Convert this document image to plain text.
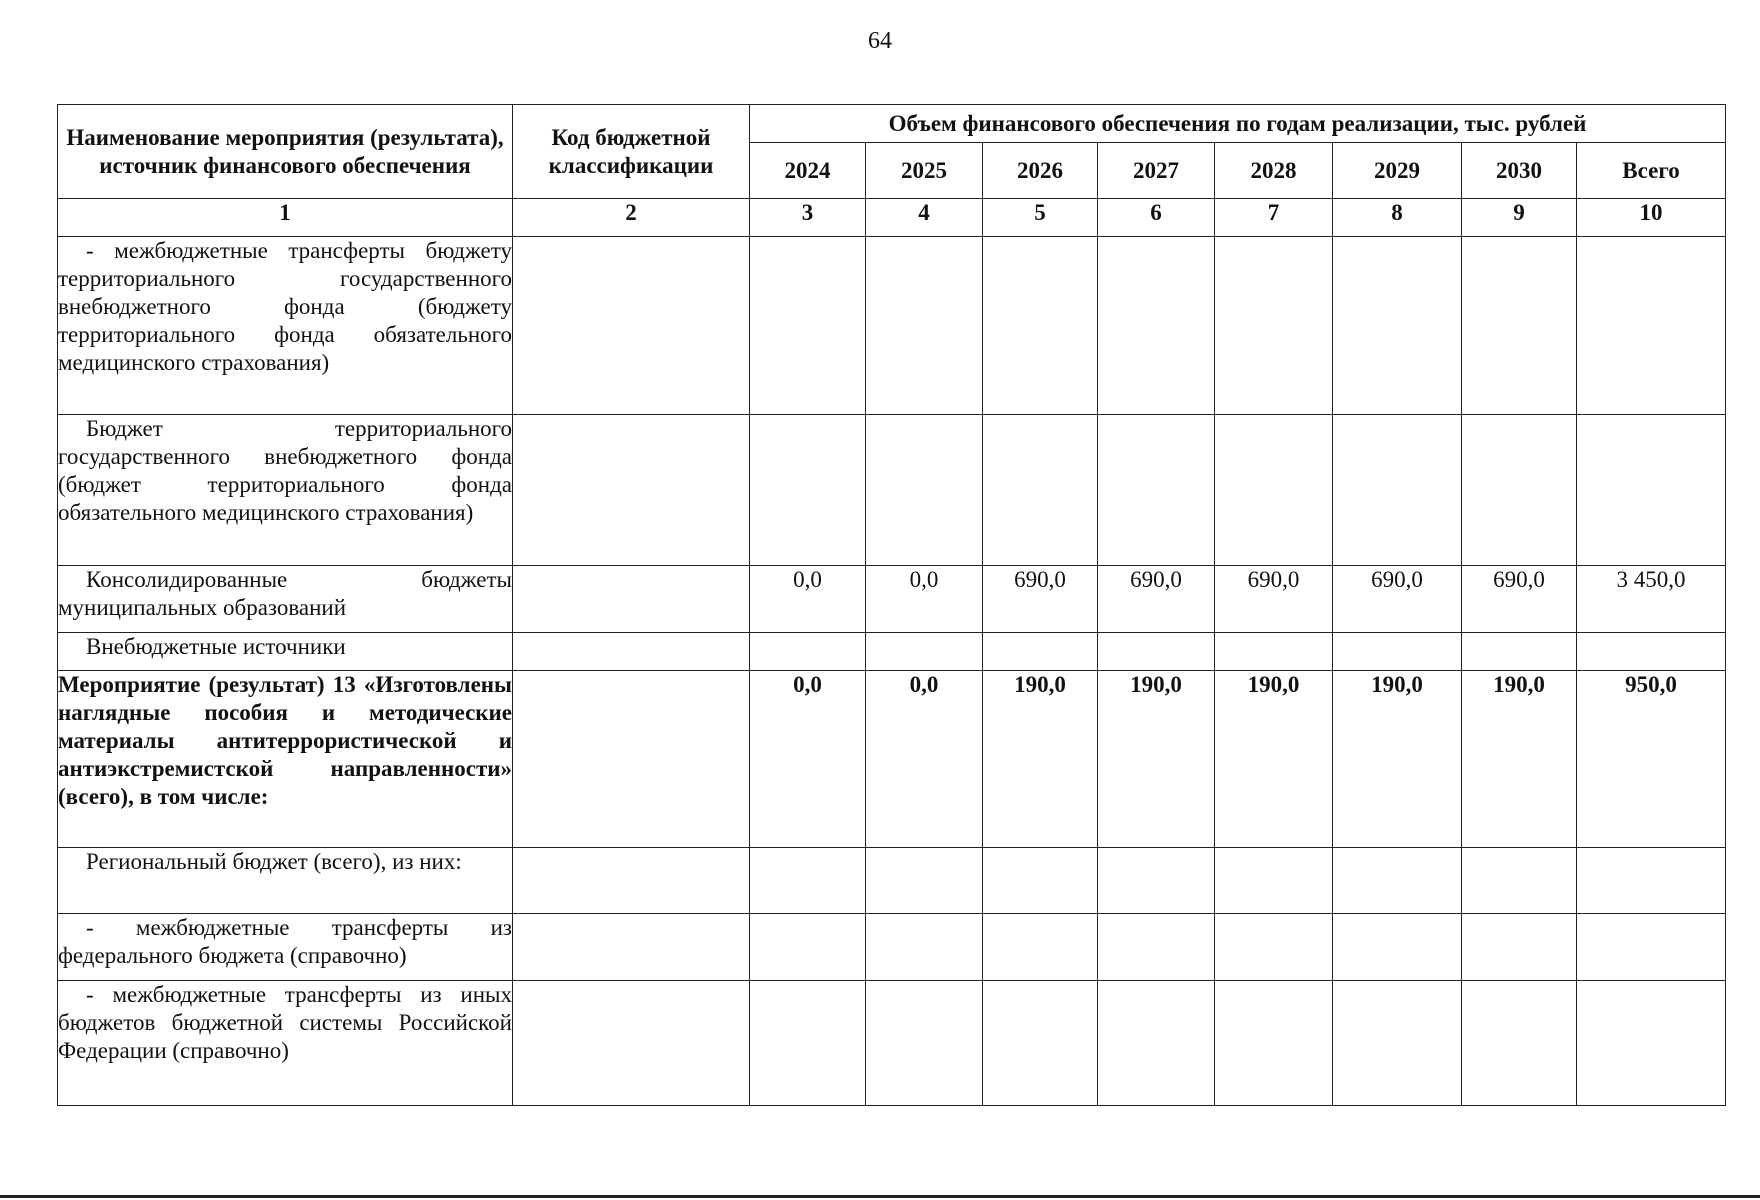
64
Наименование мероприятия (результата), источник финансового обеспечения	Код бюджетной классификации	Объем финансового обеспечения по годам реализации, тыс. рублей							
		2024	2025	2026	2027	2028	2029	2030	Всего
1	2	3	4	5	6	7	8	9	10
- межбюджетные трансферты бюджету территориального государственного внебюджетного фонда (бюджету территориального фонда обязательного медицинского страхования)									
Бюджет территориального государственного внебюджетного фонда (бюджет территориального фонда обязательного медицинского страхования)									
Консолидированные бюджеты муниципальных образований		0,0	0,0	690,0	690,0	690,0	690,0	690,0	3 450,0
Внебюджетные источники									
Мероприятие (результат) 13 «Изготовлены наглядные пособия и методические материалы антитеррористической и антиэкстремистской направленности» (всего), в том числе:		0,0	0,0	190,0	190,0	190,0	190,0	190,0	950,0
Региональный бюджет (всего), из них:									
- межбюджетные трансферты из федерального бюджета (справочно)									
- межбюджетные трансферты из иных бюджетов бюджетной системы Российской Федерации (справочно)									
